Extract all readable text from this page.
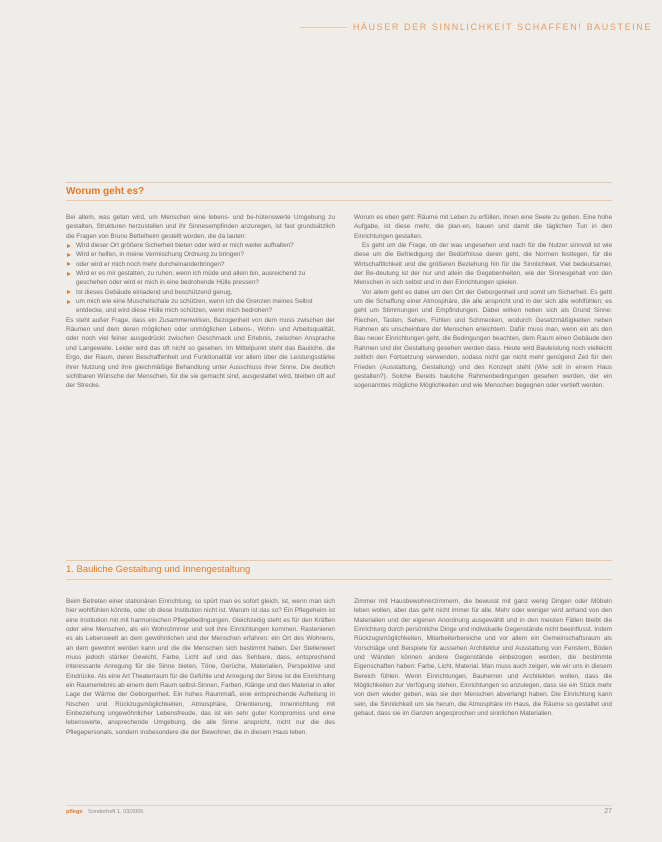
HÄUSER DER SINNLICHKEIT SCHAFFEN! BAUSTEINE
Worum geht es?

Bei allem, was getan wird, um Menschen eine lebens- und be-hütenswerte Umgebung zu gestalten, Strukturen herzustellen und ihr Sinnesempfinden anzuregen, ist fast grundsätzlich die Fragen von Bruno Bettelheim gestellt worden, die da lauten:

Wird dieser Ort größere Sicherheit bieten oder wird er mich weiter aufhalten?
Wird er helfen, in meine Vermischung Ordnung zu bringen?
oder wird er mich noch mehr durcheinanderbringen?
Wird er es mir gestatten, zu ruhen, wenn ich müde und allein bin, ausreichend zu geschehen oder wird er mich in eine bedrohende Hülle pressen?
Ist dieses Gebäude einladend und beschützend genug,
um mich wie eine Muschelschale zu schützen, wenn ich die Grenzen meines Selbst entdecke, und wird diese Hülle mich schützen, wenn mich bedrohen?

Es steht außer Frage, dass ein Zusammenwirken, Bezogenheit von dem muss zwischen der Räumen und dem deren möglichen oder unmöglichen Lebens-, Wohn- und Arbeitsqualität, oder noch viel feiner ausgedrückt zwischen Geschmack und Erlebnis, zwischen Ansprache und Langeweile. Leider wird das oft nicht so gesehen. Im Mittelpunkt steht das Bauliche, die Ergo, der Raum, deren Beschaffenheit und Funktionalität vor allem über die Leistungsstärke ihrer Nutzung und ihre gleichmäßige Behandlung unter Ausschluss ihrer Sinne. Die deutlich sichtbaren Wünsche der Menschen, für die sie gemacht sind, ausgestattet wird, bleiben oft auf der Strecke.

Worum es eben geht: Räume mit Leben zu erfüllen, ihnen eine Seele zu geben. Eine hohe Aufgabe, ist diese mehr, die plan-en, bauen und damit die täglichen Tun in den Einrichtungen gestalten.

Es geht um die Frage, ob der was ungesehen und nach für die Nutzer sinnvoll ist wie diese um die Befriedigung der Bedürfnisse deren geht, die Normen festlegen, für die Wirtschaftlichkeit und die größeren Beziehung hin für die Sinnlichkeit. Viel bedeutsamer, der Be-deutung ist der nur und allein die Gegebenheiten, wie der Sinnesgehalt von den Menschen in sich selbst und in den Einrichtungen spielen.

Vor allem geht es dabei um den Ort der Geborgenheit und somit um Sicherheit. Es geht um die Schaffung einer Atmosphäre, die alle anspricht und in der sich alle wohlfühlen; es geht um Stimmungen und Empfindungen. Dabei wirken neben sich als Grund Sinne: Riechen, Tasten, Sehen, Fühlen und Schmecken, wodurch Gesetzmäßigkeiten neben Rahmen als unscheinbare der Menschen erleichtern. Dafür muss man, wenn ein als den Bau neuer Einrichtungen geht, die Bedingungen beachten, dem Raum einen Gebäude den Rahmen und der Gestaltung gesehen werden dass. Heute wird Bauleistung noch vielleicht zeitlich den Fortsetzung verwenden, sodass nicht gar nicht mehr genügend Zeit für den Frieden (Ausstattung, Gestaltung) und des Konzept steht (Wie soll in einem Haus gestalten?). Solche Bereits bauliche Rahmenbedingungen gesehen werden, der ein sogenanntes mögliche Möglichkeiten und wie Menschen begegnen oder vertieft werden.

1. Bauliche Gestaltung und Innengestaltung

Beim Betreten einer stationären Einrichtung, so spürt man es sofort gleich, ist, wenn man sich hier wohlfühlen könnte, oder ob diese Institution nicht ist. Warum ist das so? Ein Pflegeheim ist eine Institution mit mit harmonischen Pflegebedingungen, Gleichzeitig steht es für den Kräften oder eine Menschen, als ein Wohnzimmer und soll ihre Einrichtungen kommen. Rastenieren es als Lebenswelt an dem gewöhnlichen und der Menschen erfahren: ein Ort des Wohnens, an dem gewohnt werden kann und die die Menschen sich bestimmt haben. Der Stellenwert muss jedoch stärker Gewicht, Farbe, Licht auf und das Sehbare, dass, entsprechend interessante Anregung für die Sinne bieten, Töne, Gerüche, Materialien, Perspektive und Eindrücke. Als eine Art Theaterraum für die Gefühle und Anregung der Sinne ist die Einrichtung ein Raumerlebnis ab einem dem Raum selbst-Sinnen, Farben, Klänge und den Material in aller Lage der Wärme der Geborgenheit. Ein hohes Raummaß, eine entsprechende Aufteilung in Nischen und Rückzugsmöglichkeiten, Atmosphäre, Orientierung, Innenrichtung mit Einbeziehung ungewöhnlicher Lebensfreude, das ist ein sehr guter Kompromiss und eine lebenswerte, ansprechende Umgebung, die alle Sinne anspricht, nicht nur die des Pflegepersonals, sondern insbesondere die der Bewohner, die in diesem Haus leben.

Zimmer mit Hausbewohnerzimmern, die bewusst mit ganz wenig Dingen oder Möbeln leben wollen, aber das geht nicht immer für alle. Mehr oder weniger wird anhand von den Materialien und der eigenen Anordnung ausgewählt und in den meisten Fällen bleibt die Einrichtung durch persönliche Dinge und individuelle Gegenstände nicht beeinflusst. Indem Rückzugsmöglichkeiten, Mitarbeiterbereiche und vor allem ein Gemeinschaftsraum als Vorschläge und Beispiele für aussehen Architektur und Ausstattung von Fenstern, Böden und Wänden können andere Gegenstände einbezogen werden, die bestimmte Eigenschaften haben: Farbe, Licht, Material. Man muss auch zeigen, wie wir uns in diesem Bereich fühlen. Wenn Einrichtungen, Bauherren und Architekten wollen, dass die Möglichkeiten zur Verfügung stehen, Einrichtungen so anzulegen, dass sie ein Stück mehr von dem wieder geben, was sie den Menschen abverlangt haben. Die Einrichtung kann sein, die Sinnlichkeit um sie herum, die Atmosphäre im Haus, die Räume so gestaltet und gebaut, dass sie im Ganzen angesprochen und sinnlichen Materialien.

pflege Sonderheft 1, 03/2005	27
